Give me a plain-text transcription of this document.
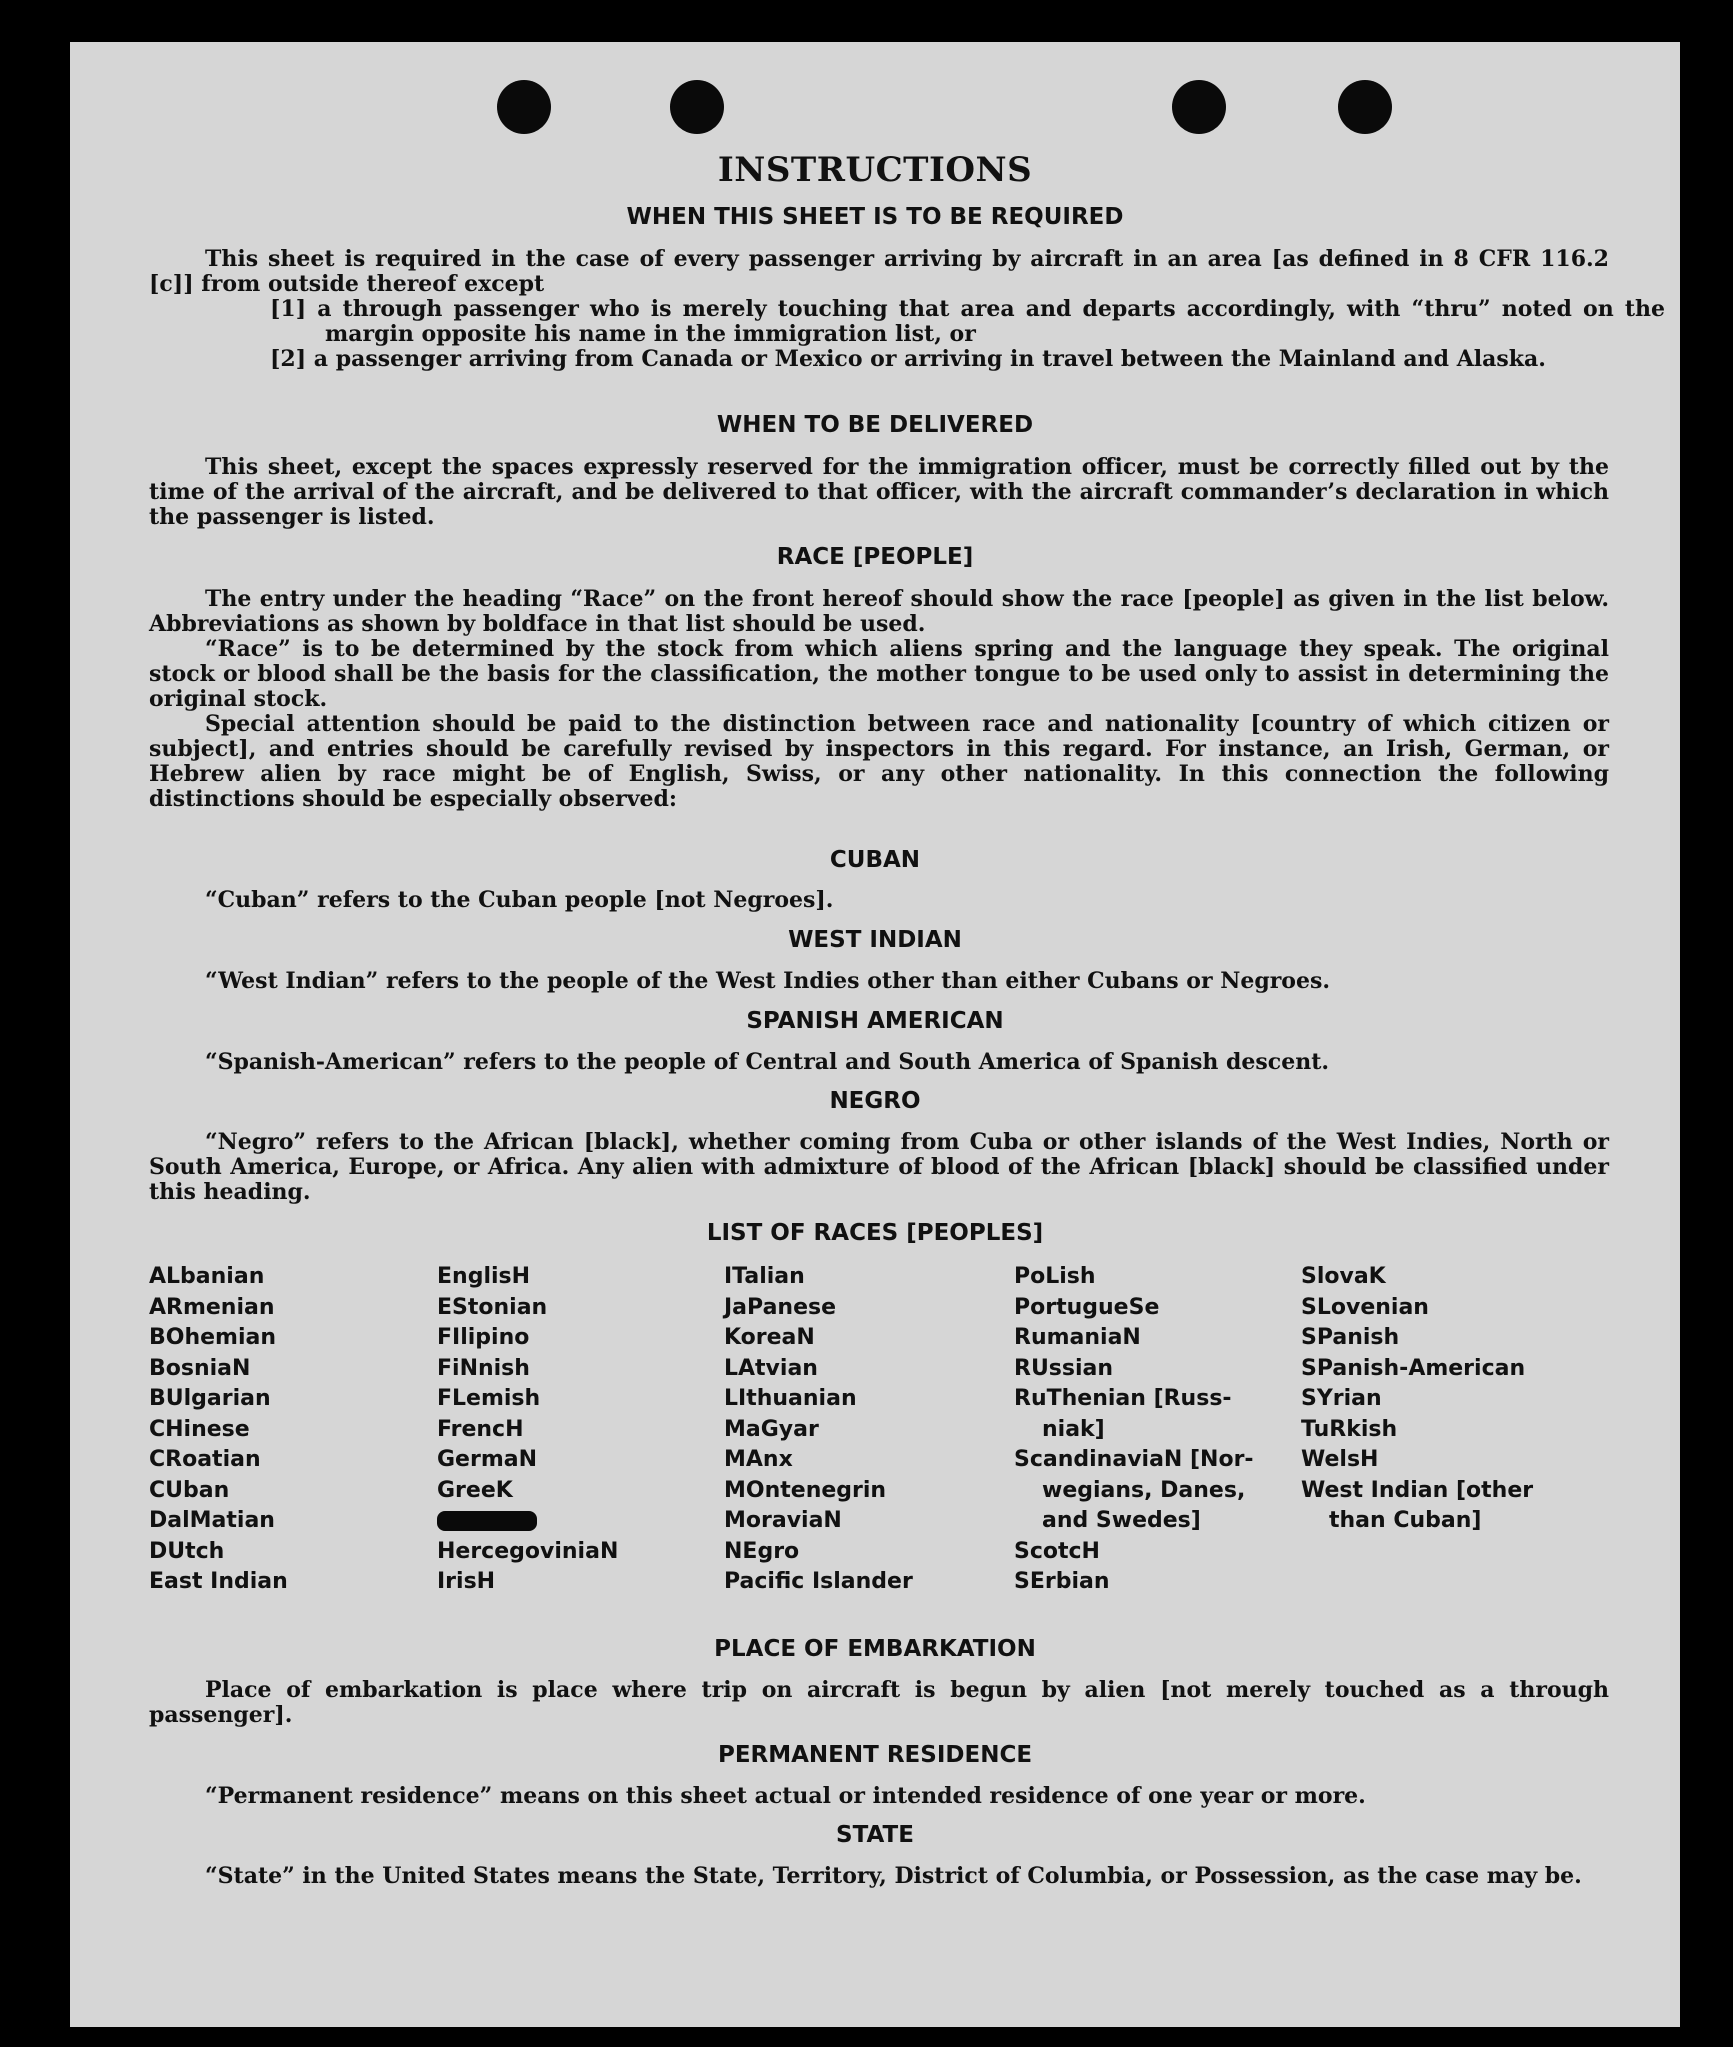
INSTRUCTIONS
WHEN THIS SHEET IS TO BE REQUIRED
This sheet is required in the case of every passenger arriving by aircraft in an area [as defined in 8 CFR 116.2 [c]] from outside thereof except
[1] a through passenger who is merely touching that area and departs accordingly, with “thru” noted on the margin opposite his name in the immigration list, or
[2] a passenger arriving from Canada or Mexico or arriving in travel between the Mainland and Alaska.
WHEN TO BE DELIVERED
This sheet, except the spaces expressly reserved for the immigration officer, must be correctly filled out by the time of the arrival of the aircraft, and be delivered to that officer, with the aircraft commander’s declaration in which the passenger is listed.
RACE [PEOPLE]
The entry under the heading “Race” on the front hereof should show the race [people] as given in the list below. Abbreviations as shown by boldface in that list should be used.
“Race” is to be determined by the stock from which aliens spring and the language they speak. The original stock or blood shall be the basis for the classification, the mother tongue to be used only to assist in determining the original stock.
Special attention should be paid to the distinction between race and nationality [country of which citizen or subject], and entries should be carefully revised by inspectors in this regard. For instance, an Irish, German, or Hebrew alien by race might be of English, Swiss, or any other nationality. In this connection the following distinctions should be especially observed:
CUBAN
“Cuban” refers to the Cuban people [not Negroes].
WEST INDIAN
“West Indian” refers to the people of the West Indies other than either Cubans or Negroes.
SPANISH AMERICAN
“Spanish-American” refers to the people of Central and South America of Spanish descent.
NEGRO
“Negro” refers to the African [black], whether coming from Cuba or other islands of the West Indies, North or South America, Europe, or Africa. Any alien with admixture of blood of the African [black] should be classified under this heading.
LIST OF RACES [PEOPLES]
ALbanian
ARmenian
BOhemian
BosniaN
BUlgarian
CHinese
CRoatian
CUban
DalMatian
DUtch
East Indian
EnglisH
EStonian
FIlipino
FiNnish
FLemish
FrencH
GermaN
GreeK
HercegoviniaN
IrisH
ITalian
JaPanese
KoreaN
LAtvian
LIthuanian
MaGyar
MAnx
MOntenegrin
MoraviaN
NEgro
Pacific Islander
PoLish
PortugueSe
RumaniaN
RUssian
RuThenian [Russ-
niak]
ScandinaviaN [Nor-
wegians, Danes,
and Swedes]
ScotcH
SErbian
SlovaK
SLovenian
SPanish
SPanish-American
SYrian
TuRkish
WelsH
West Indian [other
than Cuban]
PLACE OF EMBARKATION
Place of embarkation is place where trip on aircraft is begun by alien [not merely touched as a through passenger].
PERMANENT RESIDENCE
“Permanent residence” means on this sheet actual or intended residence of one year or more.
STATE
“State” in the United States means the State, Territory, District of Columbia, or Possession, as the case may be.
